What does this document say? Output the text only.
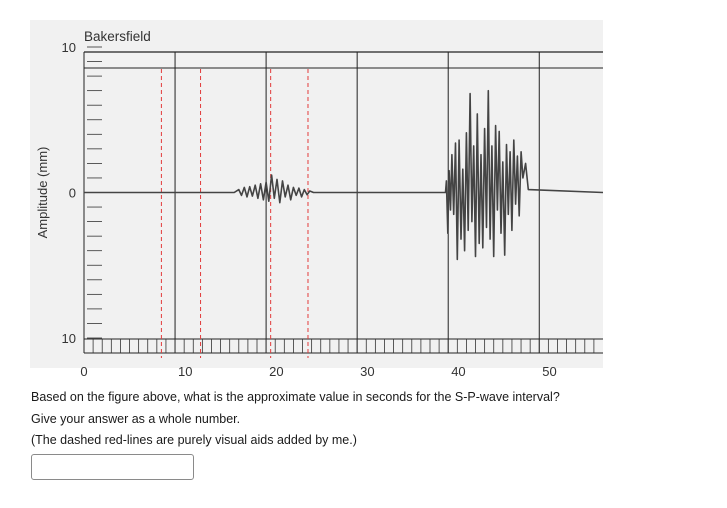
Bakersfield
Amplitude (mm)
10
0
10
0	10	20	30	40	50
Based on the figure above, what is the approximate value in seconds for the S-P-wave interval?
Give your answer as a whole number.
(The dashed red-lines are purely visual aids added by me.)
